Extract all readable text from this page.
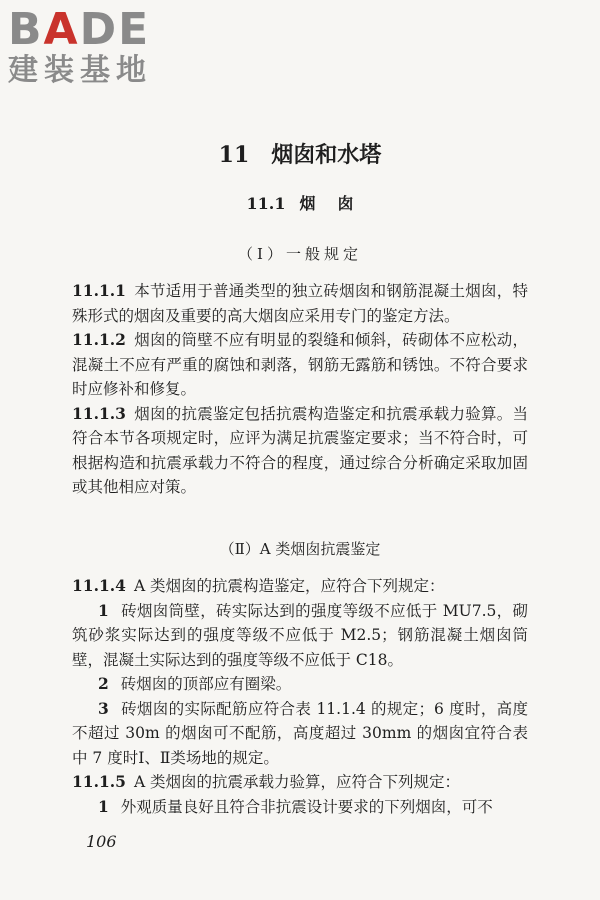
BADE
建装基地
11 烟囱和水塔
11.1 烟囱
（Ⅰ）一般规定

11.1.1 本节适用于普通类型的独立砖烟囱和钢筋混凝土烟囱，特殊形式的烟囱及重要的高大烟囱应采用专门的鉴定方法。

11.1.2 烟囱的筒壁不应有明显的裂缝和倾斜，砖砌体不应松动，混凝土不应有严重的腐蚀和剥落，钢筋无露筋和锈蚀。不符合要求时应修补和修复。

11.1.3 烟囱的抗震鉴定包括抗震构造鉴定和抗震承载力验算。当符合本节各项规定时，应评为满足抗震鉴定要求；当不符合时，可根据构造和抗震承载力不符合的程度，通过综合分析确定采取加固或其他相应对策。

（Ⅱ）A 类烟囱抗震鉴定

11.1.4 A 类烟囱的抗震构造鉴定，应符合下列规定：

1 砖烟囱筒壁，砖实际达到的强度等级不应低于 MU7.5，砌筑砂浆实际达到的强度等级不应低于 M2.5；钢筋混凝土烟囱筒壁，混凝土实际达到的强度等级不应低于 C18。

2 砖烟囱的顶部应有圈梁。

3 砖烟囱的实际配筋应符合表 11.1.4 的规定；6 度时，高度不超过 30m 的烟囱可不配筋，高度超过 30mm 的烟囱宜符合表中 7 度时Ⅰ、Ⅱ类场地的规定。

11.1.5 A 类烟囱的抗震承载力验算，应符合下列规定：

1 外观质量良好且符合非抗震设计要求的下列烟囱，可不

106
